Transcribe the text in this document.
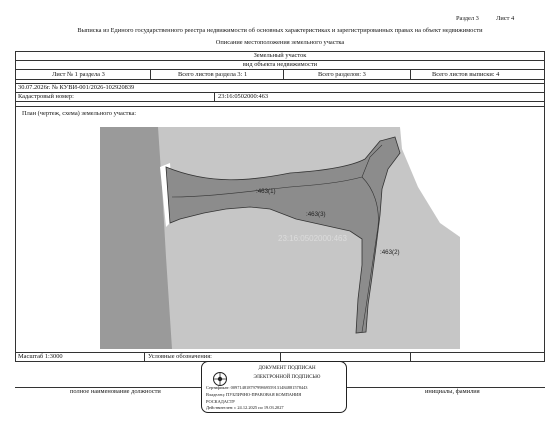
Раздел 3	Лист 4
Выписка из Единого государственного реестра недвижимости об основных характеристиках и зарегистрированных правах на объект недвижимости
Описание местоположения земельного участка
Земельный участок
вид объекта недвижимости
Лист № 1 раздела 3	Всего листов раздела 3: 1	Всего разделов: 3	Всего листов выписки: 4
30.07.2026г. № КУВИ-001/2026-102920839
Кадастровый номер:	23:16:0502000:463
План (чертеж, схема) земельного участка:
:463(1)
:463(3)
23:16:0502000:463
:463(2)
Масштаб 1:3000	Условные обозначения:
полное наименование должности	инициалы, фамилия
ДОКУМЕНТ ПОДПИСАН
ЭЛЕКТРОННОЙ ПОДПИСЬЮ
Сертификат: 00971481879799869559131484881578443
Владелец: ПУБЛИЧНО-ПРАВОВАЯ КОМПАНИЯ
РОСКАДАСТР
Действителен: с 24.12.2025 по 19.03.2027
